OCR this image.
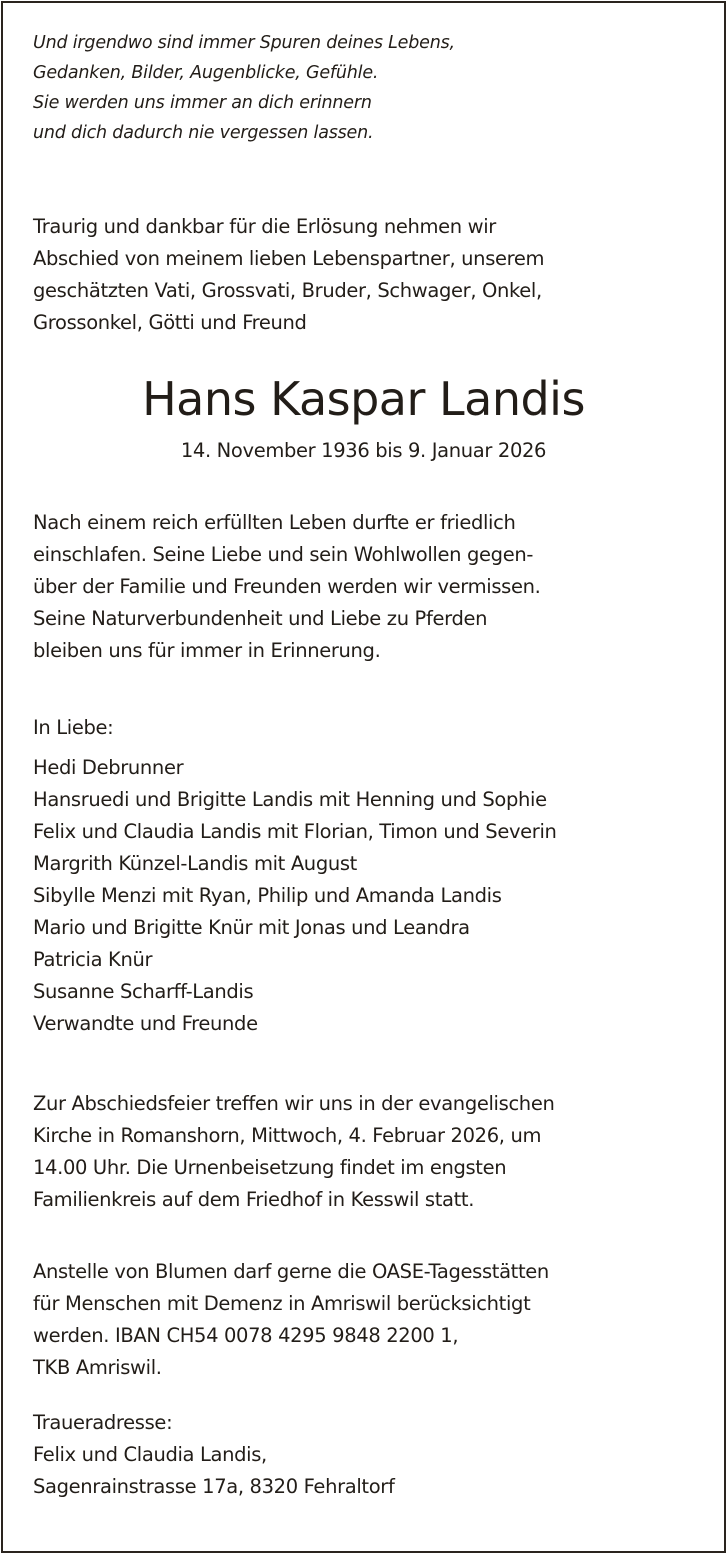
Und irgendwo sind immer Spuren deines Lebens,
Gedanken, Bilder, Augenblicke, Gefühle.
Sie werden uns immer an dich erinnern
und dich dadurch nie vergessen lassen.
Traurig und dankbar für die Erlösung nehmen wir
Abschied von meinem lieben Lebenspartner, unserem
geschätzten Vati, Grossvati, Bruder, Schwager, Onkel,
Grossonkel, Götti und Freund
Hans Kaspar Landis
14. November 1936 bis 9. Januar 2026
Nach einem reich erfüllten Leben durfte er friedlich
einschlafen. Seine Liebe und sein Wohlwollen gegen-
über der Familie und Freunden werden wir vermissen.
Seine Naturverbundenheit und Liebe zu Pferden
bleiben uns für immer in Erinnerung.
In Liebe:
Hedi Debrunner
Hansruedi und Brigitte Landis mit Henning und Sophie
Felix und Claudia Landis mit Florian, Timon und Severin
Margrith Künzel-Landis mit August
Sibylle Menzi mit Ryan, Philip und Amanda Landis
Mario und Brigitte Knür mit Jonas und Leandra
Patricia Knür
Susanne Scharff-Landis
Verwandte und Freunde
Zur Abschiedsfeier treffen wir uns in der evangelischen
Kirche in Romanshorn, Mittwoch, 4. Februar 2026, um
14.00 Uhr. Die Urnenbeisetzung findet im engsten
Familienkreis auf dem Friedhof in Kesswil statt.
Anstelle von Blumen darf gerne die OASE-Tagesstätten
für Menschen mit Demenz in Amriswil berücksichtigt
werden. IBAN CH54 0078 4295 9848 2200 1,
TKB Amriswil.
Traueradresse:
Felix und Claudia Landis,
Sagenrainstrasse 17a, 8320 Fehraltorf
